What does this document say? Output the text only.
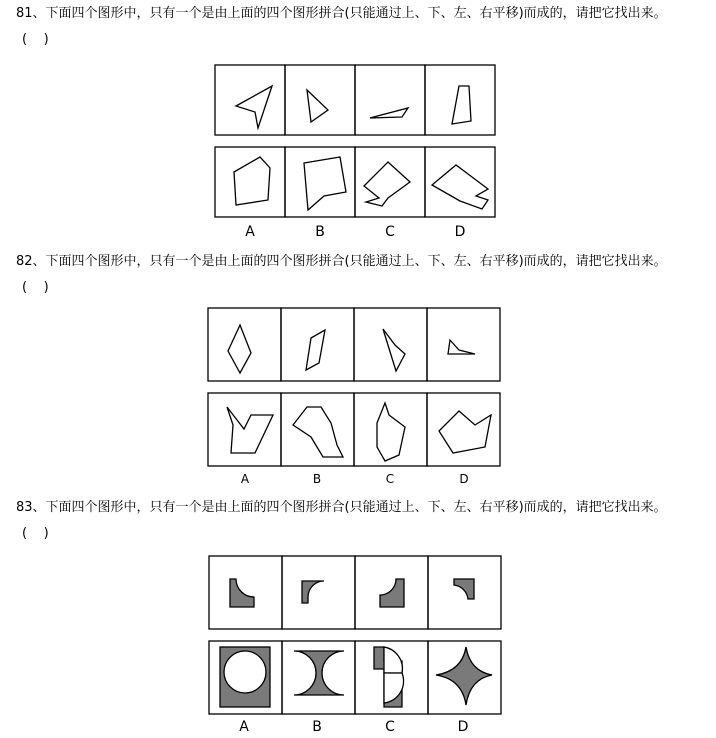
81、下面四个图形中，只有一个是由上面的四个图形拼合(只能通过上、下、左、右平移)而成的，请把它找出来。
(    )
A	B	C	D
82、下面四个图形中，只有一个是由上面的四个图形拼合(只能通过上、下、左、右平移)而成的，请把它找出来。
(    )
A	B	C	D
83、下面四个图形中，只有一个是由上面的四个图形拼合(只能通过上、下、左、右平移)而成的，请把它找出来。
(    )
A	B	C	D
